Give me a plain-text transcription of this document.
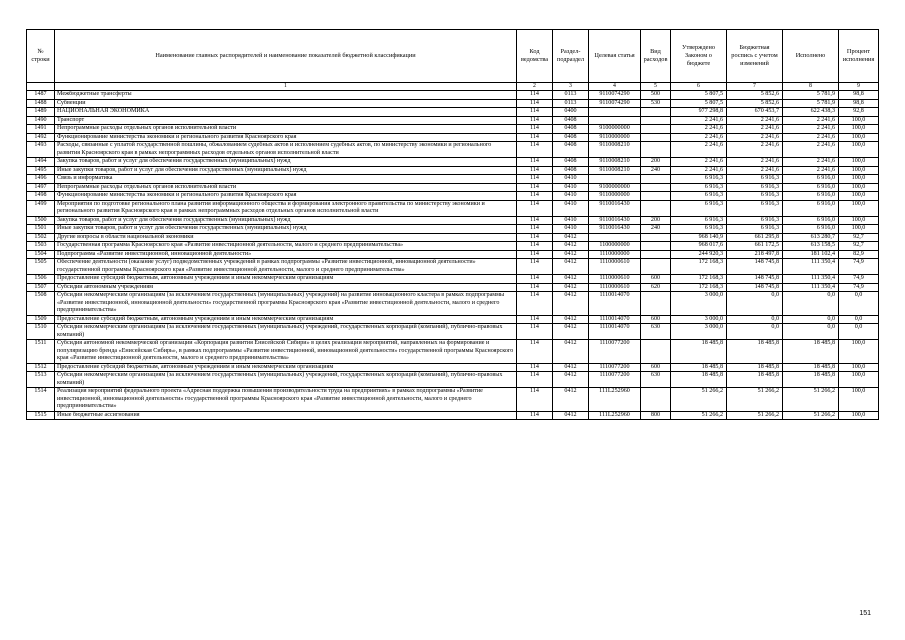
№ строки	Наименование главных распорядителей и наименование показателей бюджетной классификации	Код ведомства	Раздел-подраздел	Целевая статья	Вид расходов	Утверждено Законом о бюджете	Бюджетная роспись с учетом изменений	Исполнено	Процент исполнения
	1	2	3	4	5	6	7	8	9
1487	Межбюджетные трансферты	114	0113	9110074290	500	5 807,5	5 852,6	5 781,9	98,8
1488	Субвенции	114	0113	9110074290	530	5 807,5	5 852,6	5 781,9	98,8
1489	НАЦИОНАЛЬНАЯ ЭКОНОМИКА	114	0400			977 298,8	670 453,7	622 438,3	92,8
1490	Транспорт	114	0408			2 241,6	2 241,6	2 241,6	100,0
1491	Непрограммные расходы отдельных органов исполнительной власти	114	0408	9100000000		2 241,6	2 241,6	2 241,6	100,0
1492	Функционирование министерства экономики и регионального развития Красноярского края	114	0408	9110000000		2 241,6	2 241,6	2 241,6	100,0
1493	Расходы, связанные с уплатой государственной пошлины, обжалованием судебных актов и исполнением судебных актов, по министерству экономики и регионального развития Красноярского края в рамках непрограммных расходов отдельных органов исполнительной власти	114	0408	9110008210		2 241,6	2 241,6	2 241,6	100,0
1494	Закупка товаров, работ и услуг для обеспечения государственных (муниципальных) нужд	114	0408	9110008210	200	2 241,6	2 241,6	2 241,6	100,0
1495	Иные закупки товаров, работ и услуг для обеспечения государственных (муниципальных) нужд	114	0408	9110008210	240	2 241,6	2 241,6	2 241,6	100,0
1496	Связь и информатика	114	0410			6 916,3	6 916,3	6 916,0	100,0
1497	Непрограммные расходы отдельных органов исполнительной власти	114	0410	9100000000		6 916,3	6 916,3	6 916,0	100,0
1498	Функционирование министерства экономики и регионального развития Красноярского края	114	0410	9110000000		6 916,3	6 916,3	6 916,0	100,0
1499	Мероприятия по подготовке регионального плана развития информационного общества и формирования электронного правительства по министерству экономики и регионального развития Красноярского края в рамках непрограммных расходов отдельных органов исполнительной власти	114	0410	9110016430		6 916,3	6 916,3	6 916,0	100,0
1500	Закупка товаров, работ и услуг для обеспечения государственных (муниципальных) нужд	114	0410	9110016430	200	6 916,3	6 916,3	6 916,0	100,0
1501	Иные закупки товаров, работ и услуг для обеспечения государственных (муниципальных) нужд	114	0410	9110016430	240	6 916,3	6 916,3	6 916,0	100,0
1502	Другие вопросы в области национальной экономики	114	0412			968 140,9	661 295,8	613 280,7	92,7
1503	Государственная программа Красноярского края «Развитие инвестиционной деятельности, малого и среднего предпринимательства»	114	0412	1100000000		968 017,6	661 172,5	613 158,5	92,7
1504	Подпрограмма «Развитие инвестиционной, инновационной деятельности»	114	0412	1110000000		244 920,3	218 497,8	181 102,4	82,9
1505	Обеспечение деятельности (оказание услуг) подведомственных учреждений в рамках подпрограммы «Развитие инвестиционной, инновационной деятельности» государственной программы Красноярского края «Развитие инвестиционной деятельности, малого и среднего предпринимательства»	114	0412	1110000610		172 168,3	148 745,8	111 350,4	74,9
1506	Предоставление субсидий бюджетным, автономным учреждениям и иным некоммерческим организациям	114	0412	1110000610	600	172 168,3	148 745,8	111 350,4	74,9
1507	Субсидии автономным учреждениям	114	0412	1110000610	620	172 168,3	148 745,8	111 350,4	74,9
1508	Субсидии некоммерческим организациям (за исключением государственных (муниципальных) учреждений) на развитие инновационного кластера в рамках подпрограммы «Развитие инвестиционной, инновационной деятельности» государственной программы Красноярского края «Развитие инвестиционной деятельности, малого и среднего предпринимательства»	114	0412	1110014070		3 000,0	0,0	0,0	0,0
1509	Предоставление субсидий бюджетным, автономным учреждениям и иным некоммерческим организациям	114	0412	1110014070	600	3 000,0	0,0	0,0	0,0
1510	Субсидии некоммерческим организациям (за исключением государственных (муниципальных) учреждений, государственных корпораций (компаний), публично-правовых компаний)	114	0412	1110014070	630	3 000,0	0,0	0,0	0,0
1511	Субсидия автономной некоммерческой организации «Корпорация развития Енисейской Сибири» в целях реализации мероприятий, направленных на формирование и популяризацию бренда «Енисейская Сибирь», в рамках подпрограммы «Развитие инвестиционной, инновационной деятельности» государственной программы Красноярского края «Развитие инвестиционной деятельности, малого и среднего предпринимательства»	114	0412	1110077200		18 485,8	18 485,8	18 485,8	100,0
1512	Предоставление субсидий бюджетным, автономным учреждениям и иным некоммерческим организациям	114	0412	1110077200	600	18 485,8	18 485,8	18 485,8	100,0
1513	Субсидии некоммерческим организациям (за исключением государственных (муниципальных) учреждений, государственных корпораций (компаний), публично-правовых компаний)	114	0412	1110077200	630	18 485,8	18 485,8	18 485,8	100,0
1514	Реализация мероприятий федерального проекта «Адресная поддержка повышения производительности труда на предприятиях» в рамках подпрограммы «Развитие инвестиционной, инновационной деятельности» государственной программы Красноярского края «Развитие инвестиционной деятельности, малого и среднего предпринимательства»	114	0412	111L252960		51 266,2	51 266,2	51 266,2	100,0
1515	Иные бюджетные ассигнования	114	0412	111L252960	800	51 266,2	51 266,2	51 266,2	100,0
151
